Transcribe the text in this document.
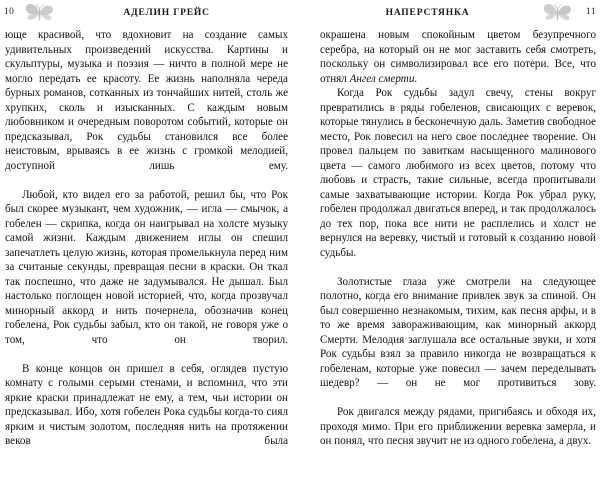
10	АДЕЛИН ГРЕЙС

юще красивой, что вдохновит на создание самых удивительных произведений искусства. Картины и скульптуры, музыка и поэзия — ничто в полной мере не могло передать ее красоту. Ее жизнь наполняла череда бурных романов, сотканных из тончайших нитей, столь же хрупких, сколь и изысканных. С каждым новым любовником и очередным поворотом событий, которые он предсказывал, Рок судьбы становился все более неистовым, врываясь в ее жизнь с громкой мелодией, доступной лишь ему.

Любой, кто видел его за работой, решил бы, что Рок был скорее музыкант, чем художник, — игла — смычок, а гобелен — скрипка, когда он наигрывал на холсте музыку самой жизни. Каждым движением иглы он спешил запечатлеть целую жизнь, которая промелькнула перед ним за считаные секунды, превращая песни в краски. Он ткал так поспешно, что даже не задумывался. Не дышал. Был настолько поглощен новой историей, что, когда прозвучал минорный аккорд и нить почернела, обозначив конец гобелена, Рок судьбы забыл, кто он такой, не говоря уже о том, что он творил.

В конце концов он пришел в себя, оглядев пустую комнату с голыми серыми стенами, и вспомнил, что эти яркие краски принадлежат не ему, а тем, чьи истории он предсказывал. Ибо, хотя гобелен Рока судьбы когда-то сиял ярким и чистым золотом, последняя нить на протяжении веков была

НАПЕРСТЯНКА	11

окрашена новым спокойным цветом безупречного серебра, на который он не мог заставить себя смотреть, поскольку он символизировал все его потери. Все, что отнял Ангел смерти.

Когда Рок судьбы задул свечу, стены вокруг превратились в ряды гобеленов, свисающих с веревок, которые тянулись в бесконечную даль. Заметив свободное место, Рок повесил на него свое последнее творение. Он провел пальцем по завиткам насыщенного малинового цвета — самого любимого из всех цветов, потому что любовь и страсть, такие сильные, всегда пропитывали самые захватывающие истории. Когда Рок убрал руку, гобелен продолжал двигаться вперед, и так продолжалось до тех пор, пока все нити не расплелись и холст не вернулся на веревку, чистый и готовый к созданию новой судьбы.

Золотистые глаза уже смотрели на следующее полотно, когда его внимание привлек звук за спиной. Он был совершенно незнакомым, тихим, как песня арфы, и в то же время завораживающим, как минорный аккорд Смерти. Мелодия заглушала все остальные звуки, и хотя Рок судьбы взял за правило никогда не возвращаться к гобеленам, которые уже повесил — зачем переделывать шедевр? — он не мог противиться зову.

Рок двигался между рядами, пригибаясь и обходя их, проходя мимо. При его приближении веревка замерла, и он понял, что песня звучит не из одного гобелена, а двух.
